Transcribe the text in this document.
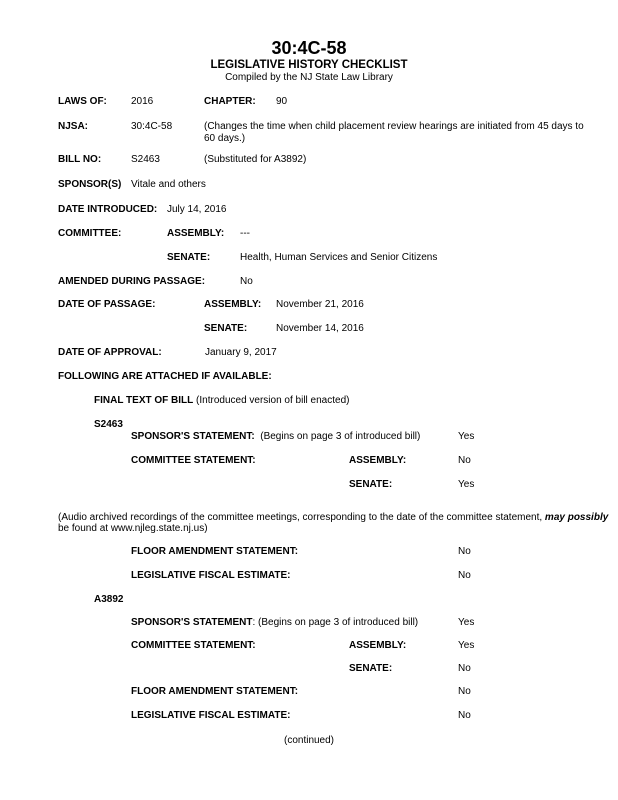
30:4C-58
LEGISLATIVE HISTORY CHECKLIST
Compiled by the NJ State Law Library
LAWS OF: 2016	CHAPTER: 90
NJSA:	30:4C-58	(Changes the time when child placement review hearings are initiated from 45 days to 60 days.)
BILL NO:	S2463	(Substituted for A3892)
SPONSOR(S) Vitale and others
DATE INTRODUCED: July 14, 2016
COMMITTEE:	ASSEMBLY: ---
SENATE:	Health, Human Services and Senior Citizens
AMENDED DURING PASSAGE:	No
DATE OF PASSAGE:	ASSEMBLY: November 21, 2016
SENATE:	November 14, 2016
DATE OF APPROVAL:	January 9, 2017
FOLLOWING ARE ATTACHED IF AVAILABLE:
FINAL TEXT OF BILL (Introduced version of bill enacted)
S2463
SPONSOR'S STATEMENT: (Begins on page 3 of introduced bill)	Yes
COMMITTEE STATEMENT:	ASSEMBLY:	No
SENATE:	Yes
(Audio archived recordings of the committee meetings, corresponding to the date of the committee statement, may possibly
be found at www.njleg.state.nj.us)
FLOOR AMENDMENT STATEMENT:	No
LEGISLATIVE FISCAL ESTIMATE:	No
A3892
SPONSOR'S STATEMENT: (Begins on page 3 of introduced bill)	Yes
COMMITTEE STATEMENT:	ASSEMBLY:	Yes
SENATE:	No
FLOOR AMENDMENT STATEMENT:	No
LEGISLATIVE FISCAL ESTIMATE:	No
(continued)
